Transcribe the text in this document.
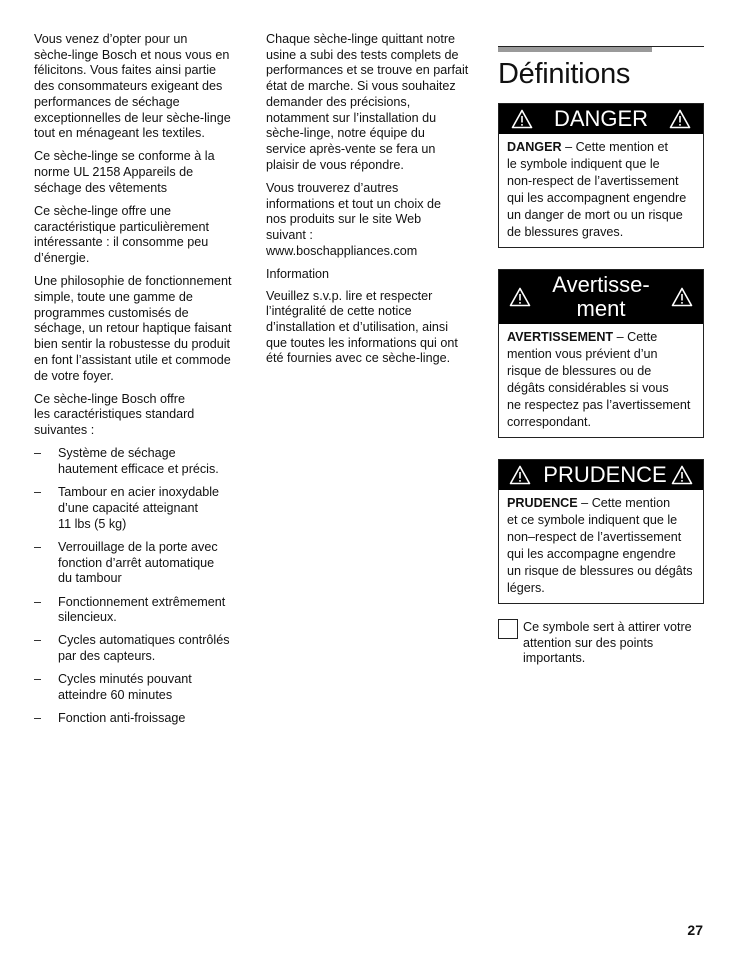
Vous venez d’opter pour un
sèche-linge Bosch et nous vous en
félicitons. Vous faites ainsi partie
des consommateurs exigeant des
performances de séchage
exceptionnelles de leur sèche-linge
tout en ménageant les textiles.

Ce sèche-linge se conforme à la
norme UL 2158 Appareils de
séchage des vêtements

Ce sèche-linge offre une
caractéristique particulièrement
intéressante : il consomme peu
d’énergie.

Une philosophie de fonctionnement
simple, toute une gamme de
programmes customisés de
séchage, un retour haptique faisant
bien sentir la robustesse du produit
en font l’assistant utile et commode
de votre foyer.

Ce sèche-linge Bosch offre
les caractéristiques standard
suivantes :

– Système de séchage
hautement efficace et précis.
– Tambour en acier inoxydable
d’une capacité atteignant
11 lbs (5 kg)
– Verrouillage de la porte avec
fonction d’arrêt automatique
du tambour
– Fonctionnement extrêmement
silencieux.
– Cycles automatiques contrôlés
par des capteurs.
– Cycles minutés pouvant
atteindre 60 minutes
– Fonction anti-froissage

Chaque sèche-linge quittant notre
usine a subi des tests complets de
performances et se trouve en parfait
état de marche. Si vous souhaitez
demander des précisions,
notamment sur l’installation du
sèche-linge, notre équipe du
service après-vente se fera un
plaisir de vous répondre.

Vous trouverez d’autres
informations et tout un choix de
nos produits sur le site Web
suivant :
www.boschappliances.com

Information

Veuillez s.v.p. lire et respecter
l’intégralité de cette notice
d’installation et d’utilisation, ainsi
que toutes les informations qui ont
été fournies avec ce sèche-linge.

Définitions
DANGER
DANGER – Cette mention et
le symbole indiquent que le
non-respect de l’avertissement
qui les accompagnent engendre
un danger de mort ou un risque
de blessures graves.
Avertisse-
ment
AVERTISSEMENT – Cette
mention vous prévient d’un
risque de blessures ou de
dégâts considérables si vous
ne respectez pas l’avertissement
correspondant.
PRUDENCE
PRUDENCE – Cette mention
et ce symbole indiquent que le
non–respect de l’avertissement
qui les accompagne engendre
un risque de blessures ou dégâts
légers.
Ce symbole sert à attirer votre
attention sur des points
importants.
27
